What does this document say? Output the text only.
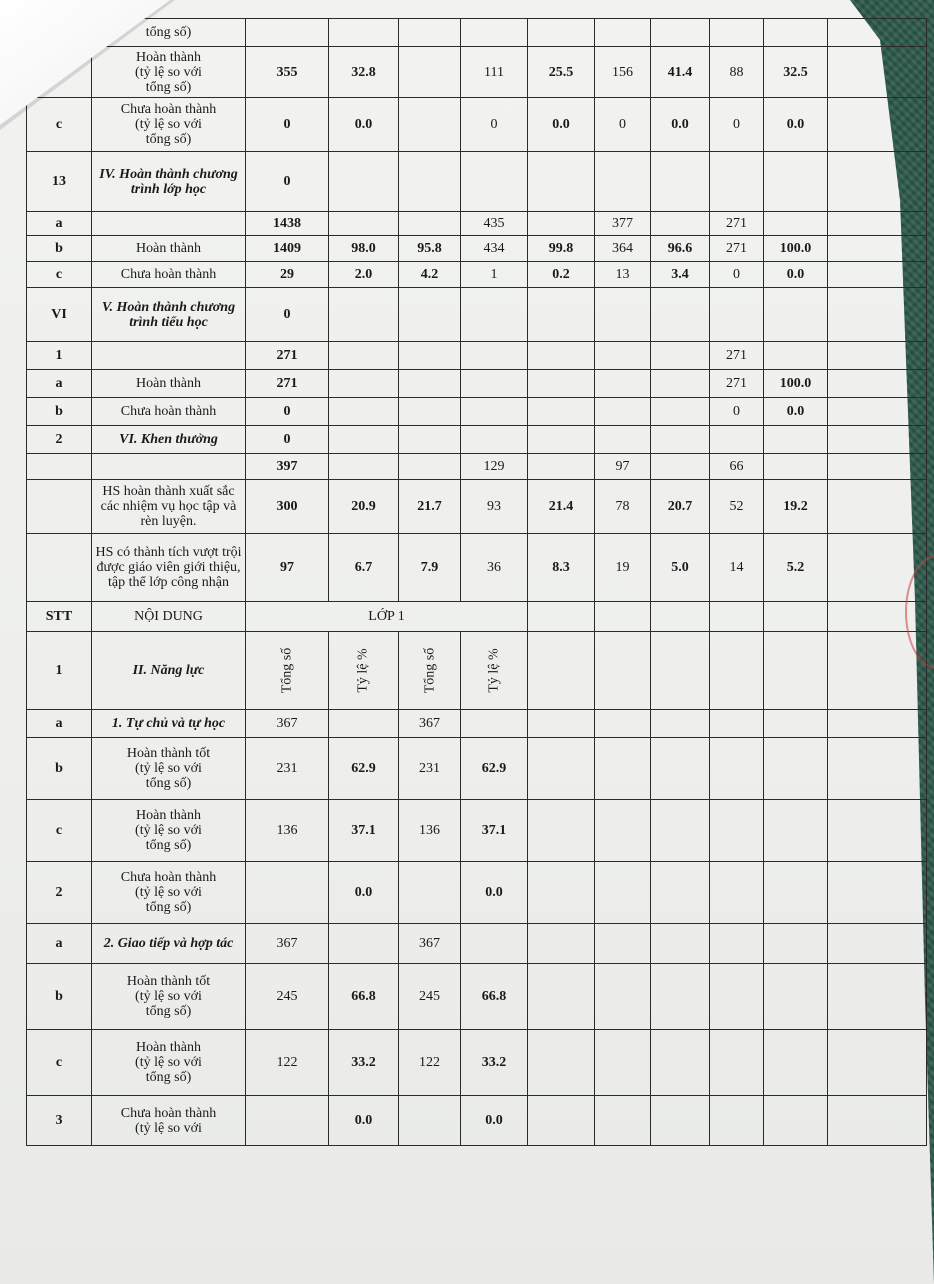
	tổng số)										
	Hoàn thành
(tỷ lệ so với
tổng số)	355	32.8		111	25.5	156	41.4	88	32.5	
c	Chưa hoàn thành
(tỷ lệ so với
tổng số)	0	0.0		0	0.0	0	0.0	0	0.0	
13	IV. Hoàn thành chương trình lớp học	0									
a		1438			435		377		271		
b	Hoàn thành	1409	98.0	95.8	434	99.8	364	96.6	271	100.0	
c	Chưa hoàn thành	29	2.0	4.2	1	0.2	13	3.4	0	0.0	
VI	V. Hoàn thành chương trình tiểu học	0									
1		271							271		
a	Hoàn thành	271							271	100.0	
b	Chưa hoàn thành	0							0	0.0	
2	VI. Khen thưởng	0									
		397			129		97		66		
	HS hoàn thành xuất sắc các nhiệm vụ học tập và rèn luyện.	300	20.9	21.7	93	21.4	78	20.7	52	19.2	
	HS có thành tích vượt trội được giáo viên giới thiệu, tập thể lớp công nhận	97	6.7	7.9	36	8.3	19	5.0	14	5.2	
STT	NỘI DUNG	LỚP 1									
1	II. Năng lực	Tổng số	Tỷ lệ %	Tổng số	Tỷ lệ %						
a	1. Tự chủ và tự học	367		367							
b	Hoàn thành tốt
(tỷ lệ so với
tổng số)	231	62.9	231	62.9						
c	Hoàn thành
(tỷ lệ so với
tổng số)	136	37.1	136	37.1						
2	Chưa hoàn thành
(tỷ lệ so với
tổng số)		0.0		0.0						
a	2. Giao tiếp và hợp tác	367		367							
b	Hoàn thành tốt
(tỷ lệ so với
tổng số)	245	66.8	245	66.8						
c	Hoàn thành
(tỷ lệ so với
tổng số)	122	33.2	122	33.2						
3	Chưa hoàn thành
(tỷ lệ so với		0.0		0.0						
